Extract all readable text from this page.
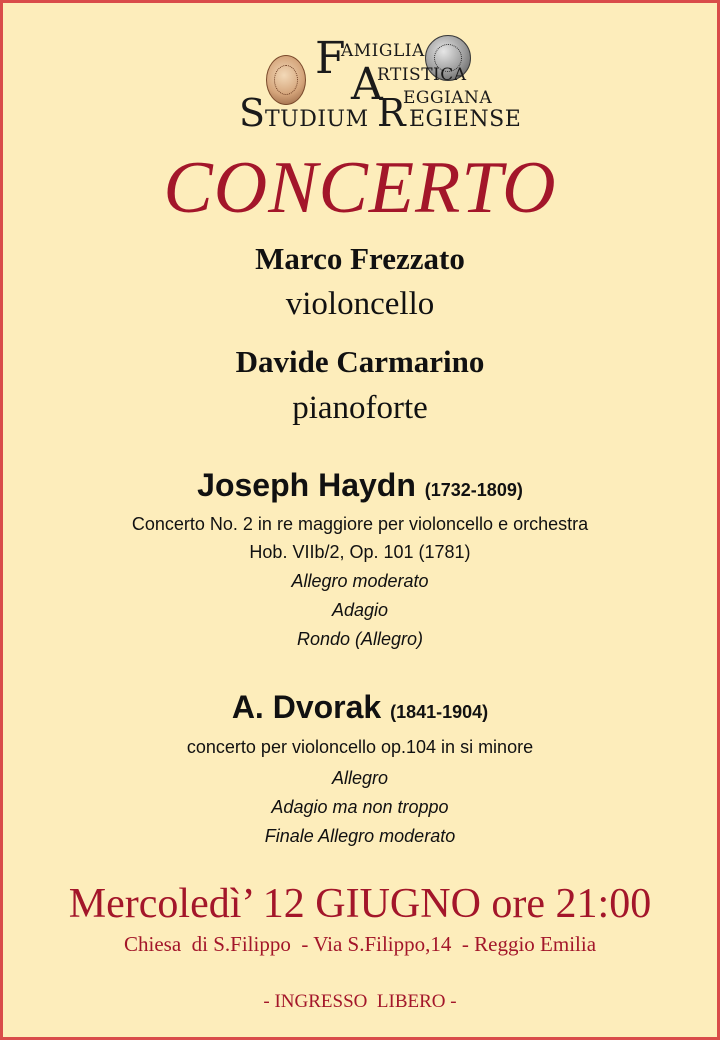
F
AMIGLIA
A
RTISTICA
EGGIANA
S TUDIUM R EGIENSE
CONCERTO
Marco Frezzato
violoncello
Davide Carmarino
pianoforte
Joseph Haydn (1732-1809)
Concerto No. 2 in re maggiore per violoncello e orchestra
Hob. VIIb/2, Op. 101 (1781)
Allegro moderato
Adagio
Rondo (Allegro)
A. Dvorak (1841-1904)
concerto per violoncello op.104 in si minore
Allegro
Adagio ma non troppo
Finale Allegro moderato
Mercoledì’ 12 GIUGNO ore 21:00
Chiesa  di S.Filippo  - Via S.Filippo,14  - Reggio Emilia
- INGRESSO  LIBERO -
